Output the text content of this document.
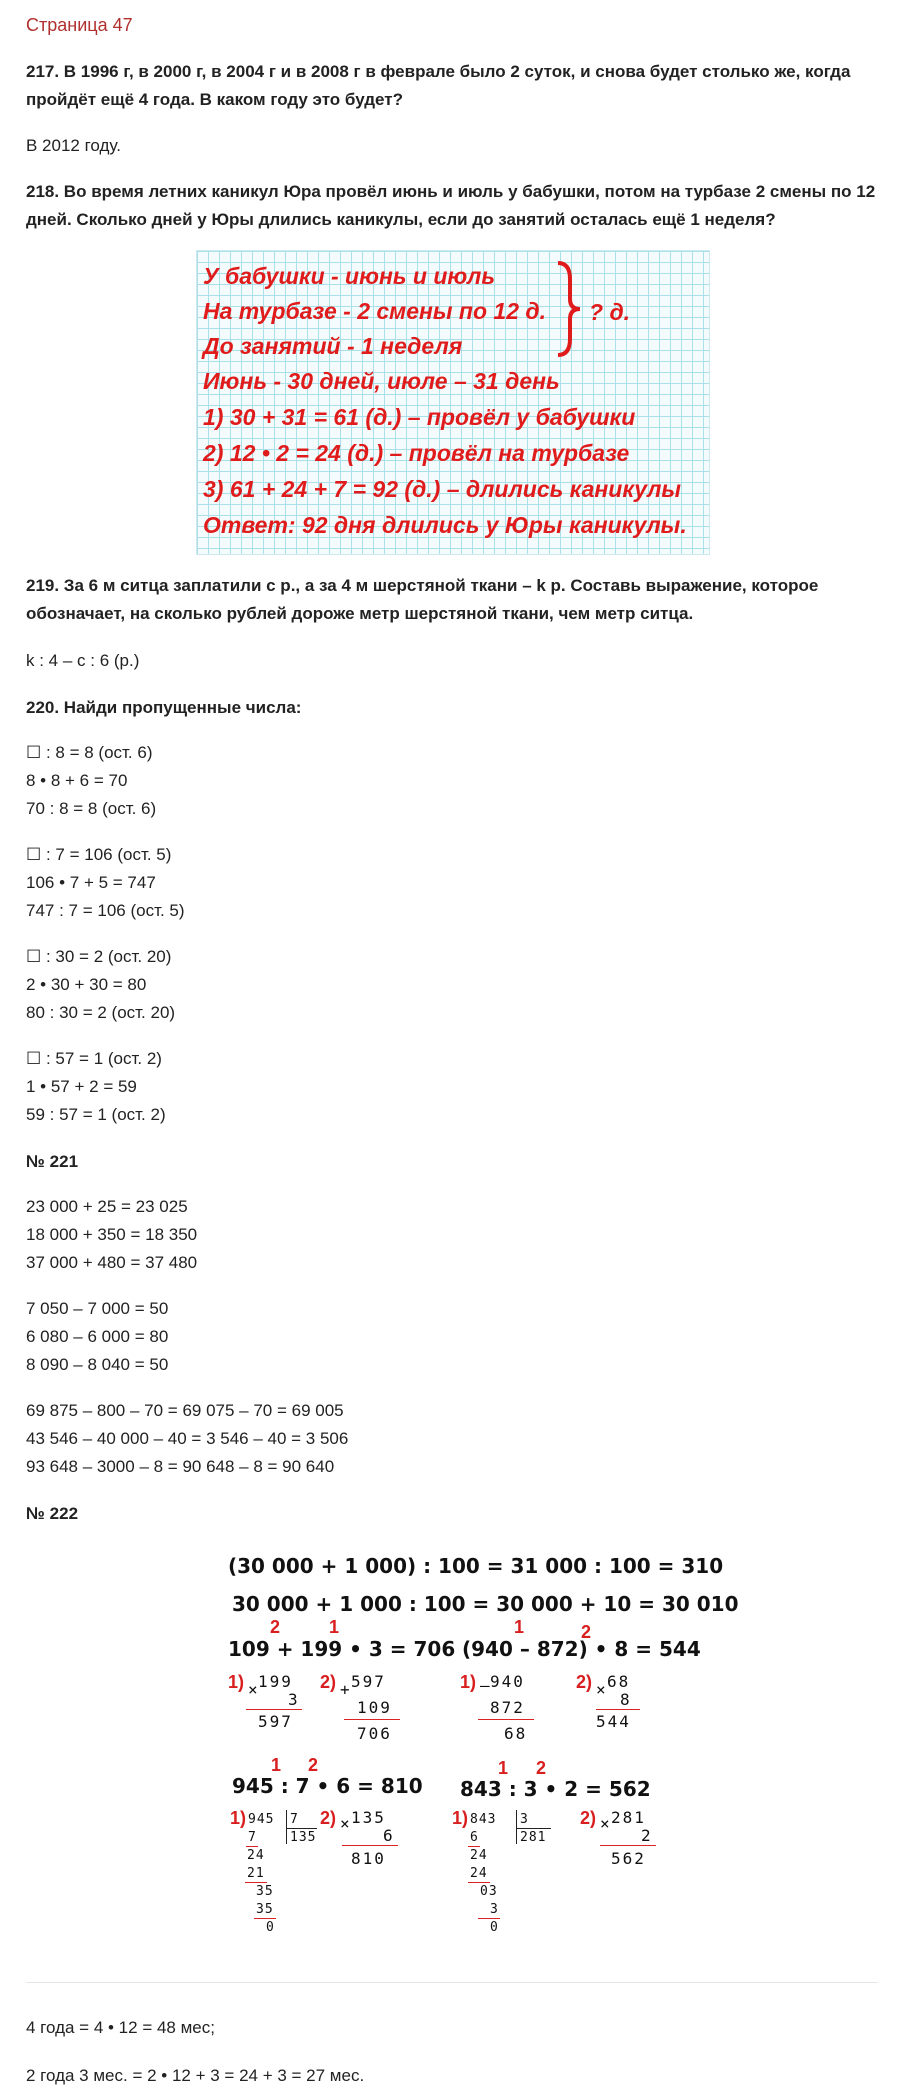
Страница 47
217. В 1996 г, в 2000 г, в 2004 г и в 2008 г в феврале было 2 суток, и снова будет столько же, когда пройдёт ещё 4 года. В каком году это будет?
В 2012 году.
218. Во время летних каникул Юра провёл июнь и июль у бабушки, потом на турбазе 2 смены по 12 дней. Сколько дней у Юры длились каникулы, если до занятий осталась ещё 1 неделя?
У бабушки - июнь и июль
На турбазе - 2 смены по 12 д.
До занятий - 1 неделя
Июнь - 30 дней, июле – 31 день
1) 30 + 31 = 61 (д.) – провёл у бабушки
2) 12 • 2 = 24 (д.) – провёл на турбазе
3) 61 + 24 + 7 = 92 (д.) – длились каникулы
Ответ: 92 дня длились у Юры каникулы.
? д.
219. За 6 м ситца заплатили с р., а за 4 м шерстяной ткани – k р. Составь выражение, которое обозначает, на сколько рублей дороже метр шерстяной ткани, чем метр ситца.
k : 4 – c : 6 (р.)
220. Найди пропущенные числа:
☐ : 8 = 8 (ост. 6)
8 • 8 + 6 = 70
70 : 8 = 8 (ост. 6)
☐ : 7 = 106 (ост. 5)
106 • 7 + 5 = 747
747 : 7 = 106 (ост. 5)
☐ : 30 = 2 (ост. 20)
2 • 30 + 30 = 80
80 : 30 = 2 (ост. 20)
☐ : 57 = 1 (ост. 2)
1 • 57 + 2 = 59
59 : 57 = 1 (ост. 2)
№ 221
23 000 + 25 = 23 025
18 000 + 350 = 18 350
37 000 + 480 = 37 480
7 050 – 7 000 = 50
6 080 – 6 000 = 80
8 090 – 8 040 = 50
69 875 – 800 – 70 = 69 075 – 70 = 69 005
43 546 – 40 000 – 40 = 3 546 – 40 = 3 506
93 648 – 3000 – 8 = 90 648 – 8 = 90 640
№ 222
(30 000 + 1 000) : 100 = 31 000 : 100 = 310
30 000 + 1 000 : 100 = 30 000 + 10 = 30 010
2	1
109 + 199 • 3 = 706
1) ×
199
3
597
2) + 597
109
706
1	2
(940 – 872) • 8 = 544
1) –
940
872
68
2) × 68
8
544
1 2
945 : 7 • 6 = 810
1) 945 7
135
7
24
21
35
35
0
2) × 135
6
810
1 2
843 : 3 • 2 = 562
1) 843 3
281
6
24
24
03
3
0
2) × 281
2
562
4 года = 4 • 12 = 48 мес;
2 года 3 мес. = 2 • 12 + 3 = 24 + 3 = 27 мес.
